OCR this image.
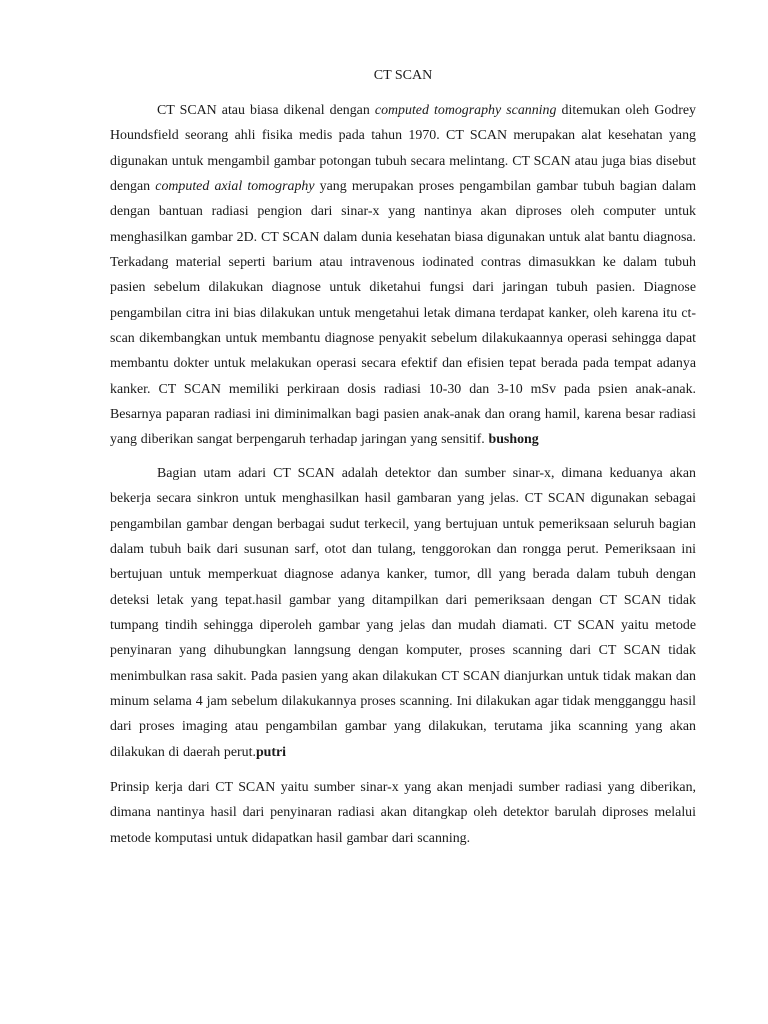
CT SCAN

CT SCAN atau biasa dikenal dengan computed tomography scanning ditemukan oleh Godrey Houndsfield seorang ahli fisika medis pada tahun 1970. CT SCAN merupakan alat kesehatan yang digunakan untuk mengambil gambar potongan tubuh secara melintang. CT SCAN atau juga bias disebut dengan computed axial tomography yang merupakan proses pengambilan gambar tubuh bagian dalam dengan bantuan radiasi pengion dari sinar-x yang nantinya akan diproses oleh computer untuk menghasilkan gambar 2D. CT SCAN dalam dunia kesehatan biasa digunakan untuk alat bantu diagnosa. Terkadang material seperti barium atau intravenous iodinated contras dimasukkan ke dalam tubuh pasien sebelum dilakukan diagnose untuk diketahui fungsi dari jaringan tubuh pasien. Diagnose pengambilan citra ini bias dilakukan untuk mengetahui letak dimana terdapat kanker, oleh karena itu ct-scan dikembangkan untuk membantu diagnose penyakit sebelum dilakukaannya operasi sehingga dapat membantu dokter untuk melakukan operasi secara efektif dan efisien tepat berada pada tempat adanya kanker. CT SCAN memiliki perkiraan dosis radiasi 10-30 dan 3-10 mSv pada psien anak-anak. Besarnya paparan radiasi ini diminimalkan bagi pasien anak-anak dan orang hamil, karena besar radiasi yang diberikan sangat berpengaruh terhadap jaringan yang sensitif. bushong

Bagian utam adari CT SCAN adalah detektor dan sumber sinar-x, dimana keduanya akan bekerja secara sinkron untuk menghasilkan hasil gambaran yang jelas. CT SCAN digunakan sebagai pengambilan gambar dengan berbagai sudut terkecil, yang bertujuan untuk pemeriksaan seluruh bagian dalam tubuh baik dari susunan sarf, otot dan tulang, tenggorokan dan rongga perut. Pemeriksaan ini bertujuan untuk memperkuat diagnose adanya kanker, tumor, dll yang berada dalam tubuh dengan deteksi letak yang tepat.hasil gambar yang ditampilkan dari pemeriksaan dengan CT SCAN tidak tumpang tindih sehingga diperoleh gambar yang jelas dan mudah diamati. CT SCAN yaitu metode penyinaran yang dihubungkan lanngsung dengan komputer, proses scanning dari CT SCAN tidak menimbulkan rasa sakit. Pada pasien yang akan dilakukan CT SCAN dianjurkan untuk tidak makan dan minum selama 4 jam sebelum dilakukannya proses scanning. Ini dilakukan agar tidak mengganggu hasil dari proses imaging atau pengambilan gambar yang dilakukan, terutama jika scanning yang akan dilakukan di daerah perut.putri

Prinsip kerja dari CT SCAN yaitu sumber sinar-x yang akan menjadi sumber radiasi yang diberikan, dimana nantinya hasil dari penyinaran radiasi akan ditangkap oleh detektor barulah diproses melalui metode komputasi untuk didapatkan hasil gambar dari scanning.
